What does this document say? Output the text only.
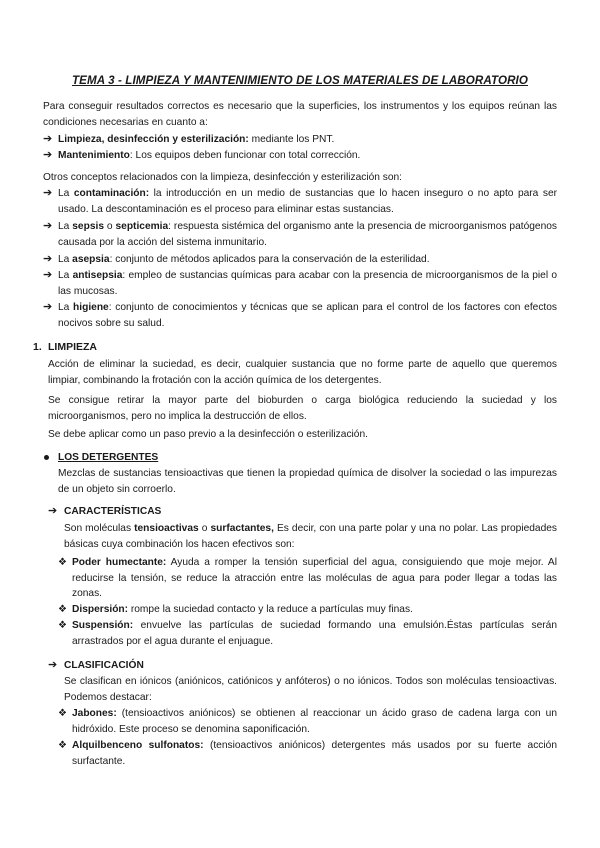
TEMA 3 - LIMPIEZA Y MANTENIMIENTO DE LOS MATERIALES DE LABORATORIO
Para conseguir resultados correctos es necesario que la superficies, los instrumentos y los equipos reúnan las condiciones necesarias en cuanto a:
➔ Limpieza, desinfección y esterilización: mediante los PNT.
➔ Mantenimiento: Los equipos deben funcionar con total corrección.
Otros conceptos relacionados con la limpieza, desinfección y esterilización son:
➔ La contaminación: la introducción en un medio de sustancias que lo hacen inseguro o no apto para ser usado. La descontaminación es el proceso para eliminar estas sustancias.
➔ La sepsis o septicemia: respuesta sistémica del organismo ante la presencia de microorganismos patógenos causada por la acción del sistema inmunitario.
➔ La asepsia: conjunto de métodos aplicados para la conservación de la esterilidad.
➔ La antisepsia: empleo de sustancias químicas para acabar con la presencia de microorganismos de la piel o las mucosas.
➔ La higiene: conjunto de conocimientos y técnicas que se aplican para el control de los factores con efectos nocivos sobre su salud.
1. LIMPIEZA
Acción de eliminar la suciedad, es decir, cualquier sustancia que no forme parte de aquello que queremos limpiar, combinando la frotación con la acción química de los detergentes.
Se consigue retirar la mayor parte del bioburden o carga biológica reduciendo la suciedad y los microorganismos, pero no implica la destrucción de ellos.
Se debe aplicar como un paso previo a la desinfección o esterilización.
LOS DETERGENTES
Mezclas de sustancias tensioactivas que tienen la propiedad química de disolver la sociedad o las impurezas de un objeto sin corroerlo.
➔ CARACTERÍSTICAS
Son moléculas tensioactivas o surfactantes, Es decir, con una parte polar y una no polar. Las propiedades básicas cuya combinación los hacen efectivos son:
❖ Poder humectante: Ayuda a romper la tensión superficial del agua, consiguiendo que moje mejor. Al reducirse la tensión, se reduce la atracción entre las moléculas de agua para poder llegar a todas las zonas.
❖ Dispersión: rompe la suciedad contacto y la reduce a partículas muy finas.
❖ Suspensión: envuelve las partículas de suciedad formando una emulsión.Éstas partículas serán arrastrados por el agua durante el enjuague.
➔ CLASIFICACIÓN
Se clasifican en iónicos (aniónicos, catiónicos y anfóteros) o no iónicos. Todos son moléculas tensioactivas. Podemos destacar:
❖ Jabones: (tensioactivos aniónicos) se obtienen al reaccionar un ácido graso de cadena larga con un hidróxido. Este proceso se denomina saponificación.
❖ Alquilbenceno sulfonatos: (tensioactivos aniónicos) detergentes más usados por su fuerte acción surfactante.
